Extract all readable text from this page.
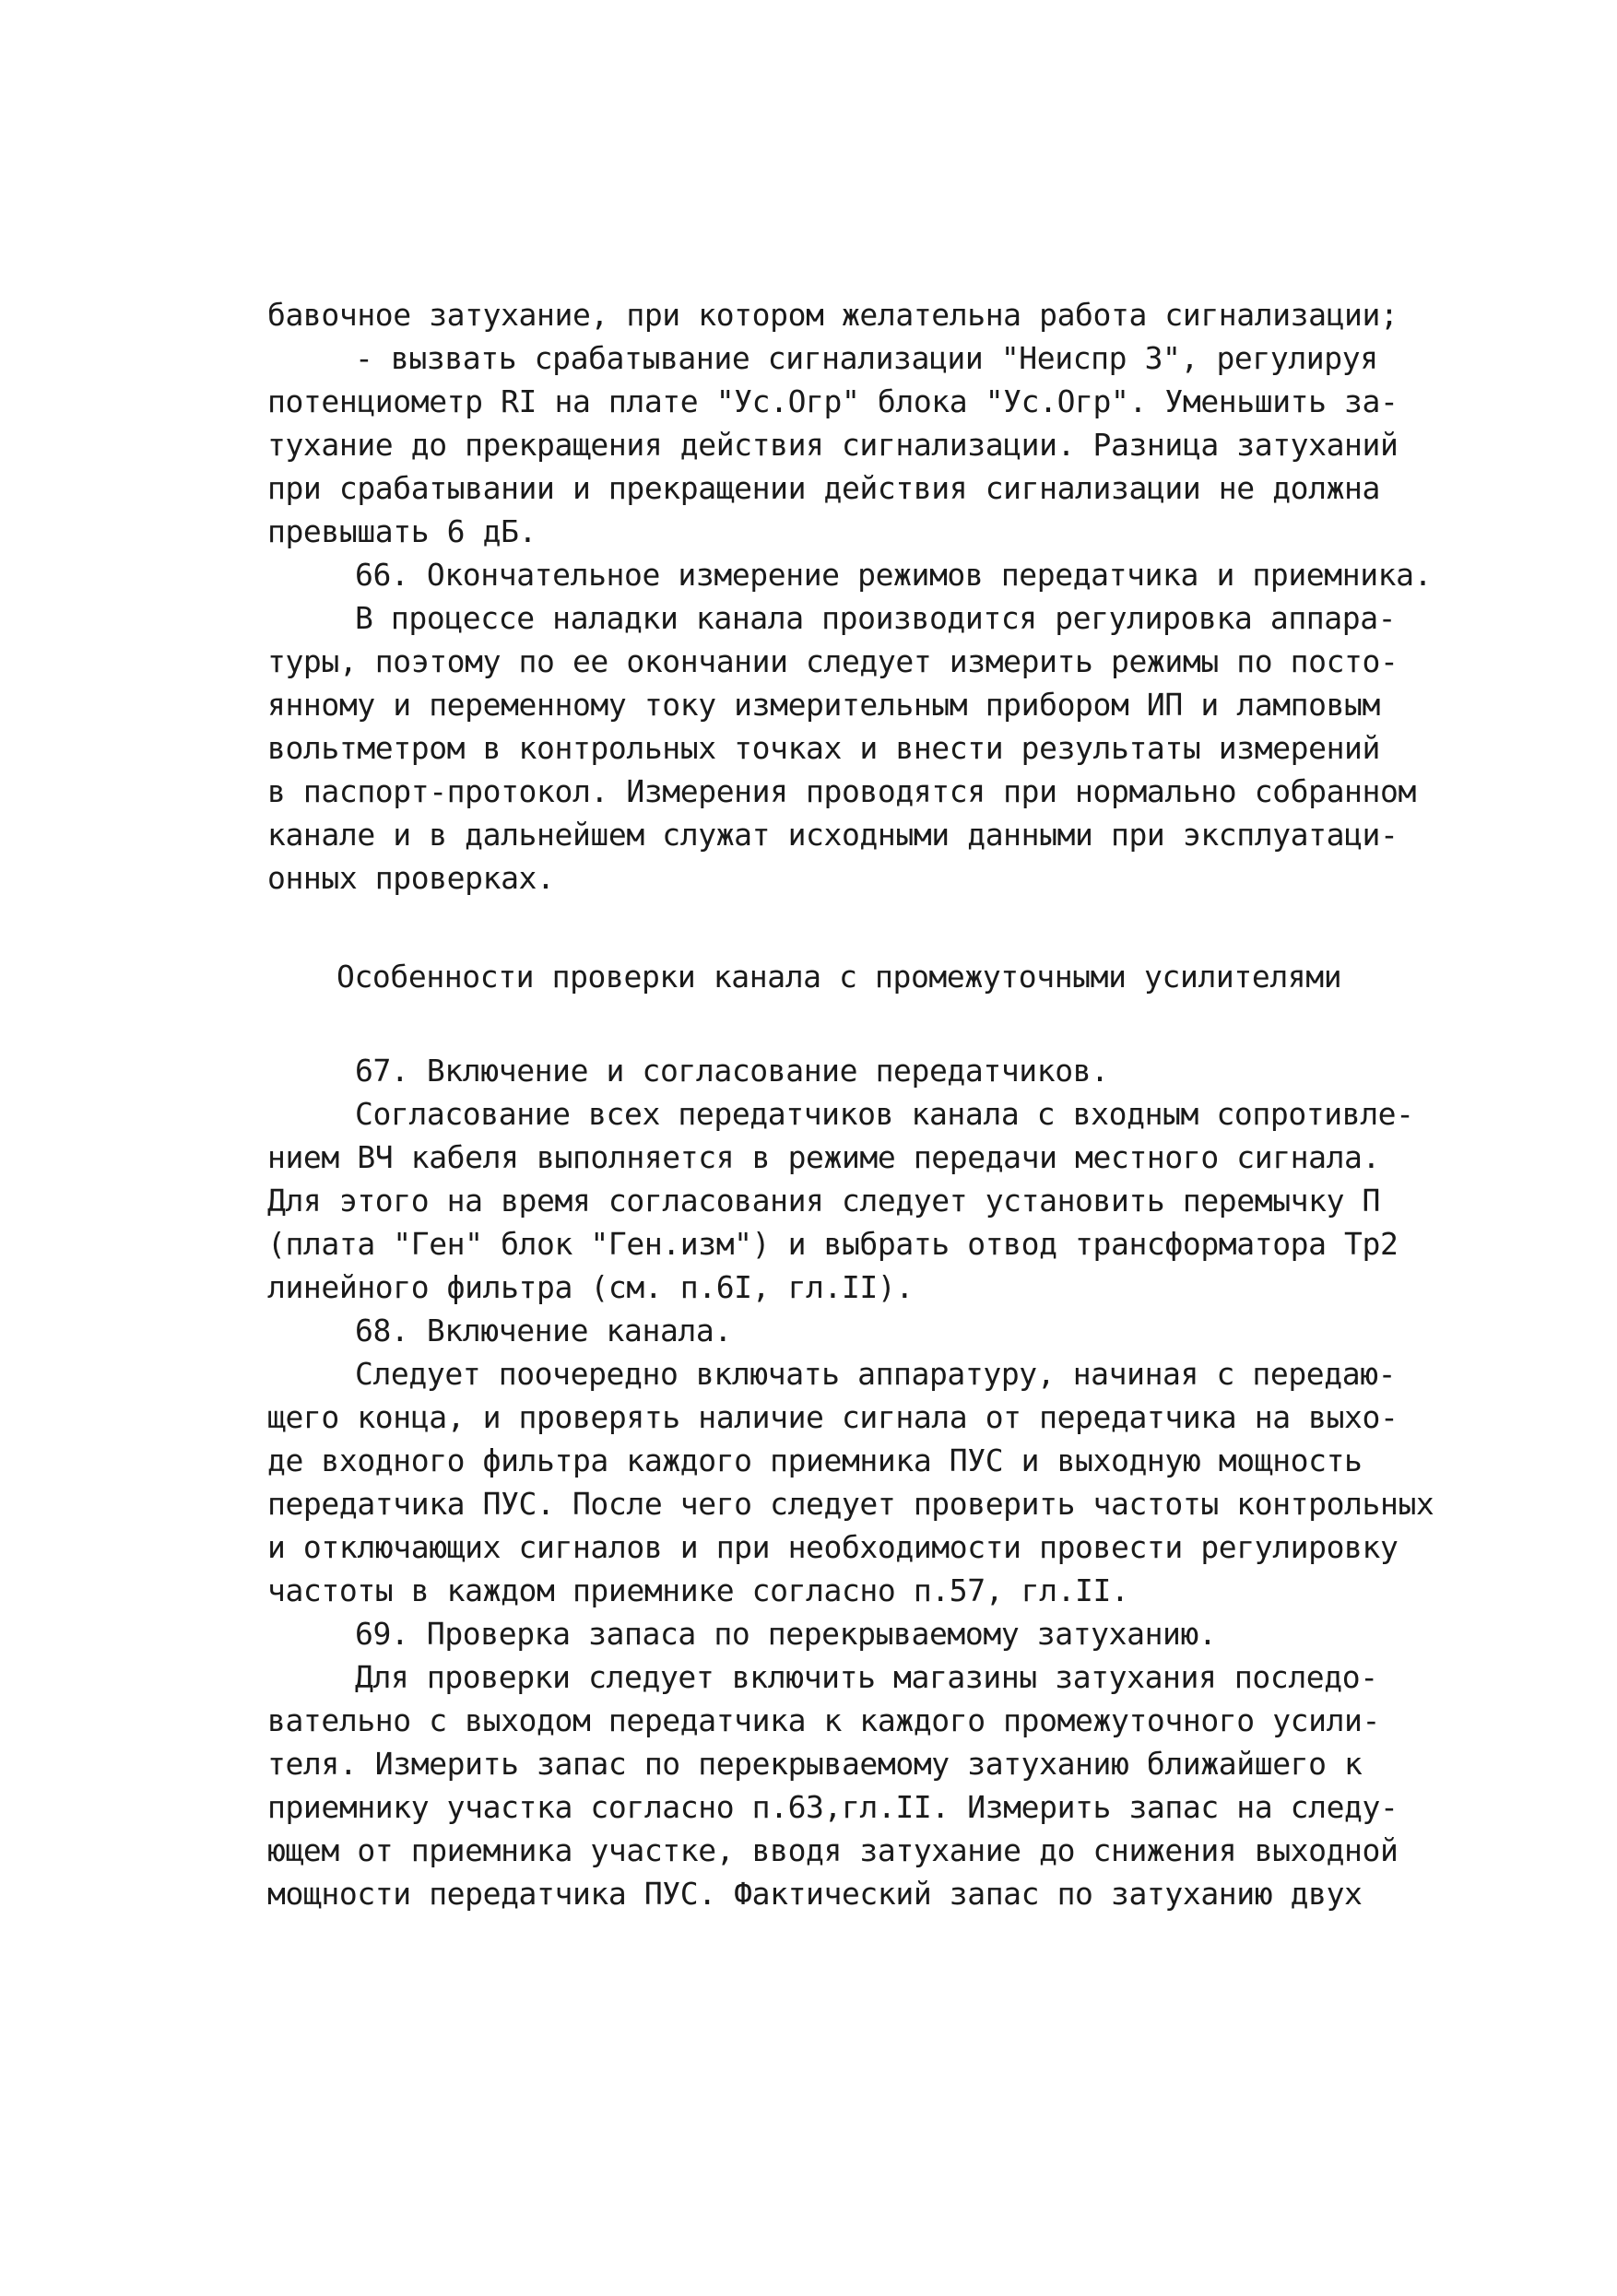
бавочное затухание, при котором желательна работа сигнализации;
- вызвать срабатывание сигнализации "Неиспр 3", регулируя
потенциометр RI на плате "Ус.Огр" блока "Ус.Огр". Уменьшить за-
тухание до прекращения действия сигнализации. Разница затуханий
при срабатывании и прекращении действия сигнализации не должна
превышать 6 дБ.
66. Окончательное измерение режимов передатчика и приемника.
В процессе наладки канала производится регулировка аппара-
туры, поэтому по ее окончании следует измерить режимы по посто-
янному и переменному току измерительным прибором ИП и ламповым
вольтметром в контрольных точках и внести результаты измерений
в паспорт-протокол. Измерения проводятся при нормально собранном
канале и в дальнейшем служат исходными данными при эксплуатаци-
онных проверках.
Особенности проверки канала с промежуточными усилителями
67. Включение и согласование передатчиков.
Согласование всех передатчиков канала с входным сопротивле-
нием ВЧ кабеля выполняется в режиме передачи местного сигнала.
Для этого на время согласования следует установить перемычку П
(плата "Ген" блок "Ген.изм") и выбрать отвод трансформатора Тр2
линейного фильтра (см. п.6I, гл.II).
68. Включение канала.
Следует поочередно включать аппаратуру, начиная с передаю-
щего конца, и проверять наличие сигнала от передатчика на выхо-
де входного фильтра каждого приемника ПУС и выходную мощность
передатчика ПУС. После чего следует проверить частоты контрольных
и отключающих сигналов и при необходимости провести регулировку
частоты в каждом приемнике согласно п.57, гл.II.
69. Проверка запаса по перекрываемому затуханию.
Для проверки следует включить магазины затухания последо-
вательно с выходом передатчика к каждого промежуточного усили-
теля. Измерить запас по перекрываемому затуханию ближайшего к
приемнику участка согласно п.63,гл.II. Измерить запас на следу-
ющем от приемника участке, вводя затухание до снижения выходной
мощности передатчика ПУС. Фактический запас по затуханию двух
